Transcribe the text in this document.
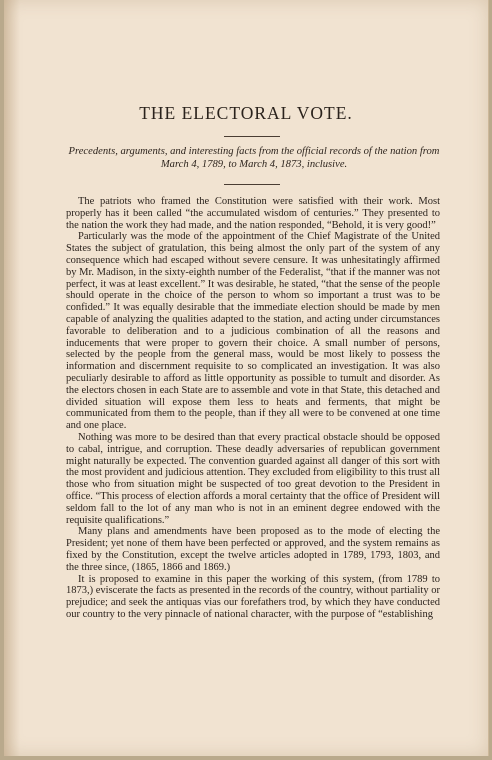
THE ELECTORAL VOTE.

Precedents, arguments, and interesting facts from the official records of the nation from March 4, 1789, to March 4, 1873, inclusive.

The patriots who framed the Constitution were satisfied with their work. Most properly has it been called “the accumulated wisdom of centuries.” They presented to the nation the work they had made, and the nation responded, “Behold, it is very good!”

Particularly was the mode of the appointment of the Chief Magistrate of the United States the subject of gratulation, this being almost the only part of the system of any consequence which had escaped without severe censure. It was unhesitatingly affirmed by Mr. Madison, in the sixty-eighth number of the Federalist, “that if the manner was not perfect, it was at least excellent.” It was desirable, he stated, “that the sense of the people should operate in the choice of the person to whom so important a trust was to be confided.” It was equally desirable that the immediate election should be made by men capable of analyzing the qualities adapted to the station, and acting under circumstances favorable to deliberation and to a judicious combination of all the reasons and inducements that were proper to govern their choice. A small number of persons, selected by the people from the general mass, would be most likely to possess the information and discernment requisite to so complicated an investigation. It was also peculiarly desirable to afford as little opportunity as possible to tumult and disorder. As the electors chosen in each State are to assemble and vote in that State, this detached and divided situation will expose them less to heats and ferments, that might be communicated from them to the people, than if they all were to be convened at one time and one place.

Nothing was more to be desired than that every practical obstacle should be opposed to cabal, intrigue, and corruption. These deadly adversaries of republican government might naturally be expected. The convention guarded against all danger of this sort with the most provident and judicious attention. They excluded from eligibility to this trust all those who from situation might be suspected of too great devotion to the President in office. “This process of election affords a moral certainty that the office of President will seldom fall to the lot of any man who is not in an eminent degree endowed with the requisite qualifications.”

Many plans and amendments have been proposed as to the mode of electing the President; yet none of them have been perfected or approved, and the system remains as fixed by the Constitution, except the twelve articles adopted in 1789, 1793, 1803, and the three since, (1865, 1866 and 1869.)

It is proposed to examine in this paper the working of this system, (from 1789 to 1873,) eviscerate the facts as presented in the records of the country, without partiality or prejudice; and seek the antiquas vias our forefathers trod, by which they have conducted our country to the very pinnacle of national character, with the purpose of “establishing
